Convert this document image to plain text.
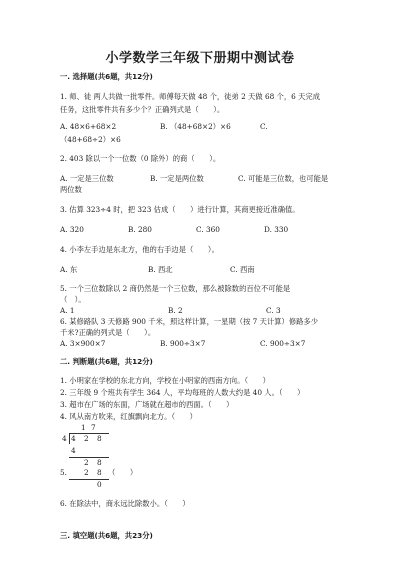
小学数学三年级下册期中测试卷
一. 选择题(共6题，共12分)
1. 师、徒 两人共做一批零件。师傅每天做 48 个，徒弟 2 天做 68 个，6 天完成
任务，这批零件共有多少个？正确列式是（　　）。
A. 48×6+68×2	B. （48+68×2）×6	C.
（48+68÷2）×6
2. 403 除以一个一位数（0 除外）的商（　　）。
A. 一定是三位数	B. 一定是两位数	C. 可能是三位数，也可能是
两位数
3. 估算 323÷4 时，把 323 估成（　　）进行计算，其商更接近准确值。
A. 320	B. 280	C. 360	D. 330
4. 小李左手边是东北方，他的右手边是（　　）。
A. 东	B. 西北	C. 西南
5. 一个三位数除以 2 商仍然是一个三位数，那么被除数的百位不可能是
（　）。
A. 1	B. 2	C. 3
6. 某修路队 3 天修路 900 千米，照这样计算，一星期（按 7 天计算）修路多少
千米?正确的列式是（　　）。
A. 3×900×7	B. 900÷3×7	C. 900÷3×7
二. 判断题(共6题，共12分)
1. 小明家在学校的东北方向，学校在小明家的西南方向。（　　）
2. 三年级 9 个班共有学生 364 人，平均每班的人数大约是 40 人。（　　）
3. 超市在广场的东面，广场就在超市的西面。（　　）
4. 风从南方吹来，红旗飘向北方。（　　）
1 7
4 4 2 8
4
2 8
5. 2 8 （　　）
0
6. 在除法中，商永远比除数小。（　　）
三. 填空题(共6题，共23分)
